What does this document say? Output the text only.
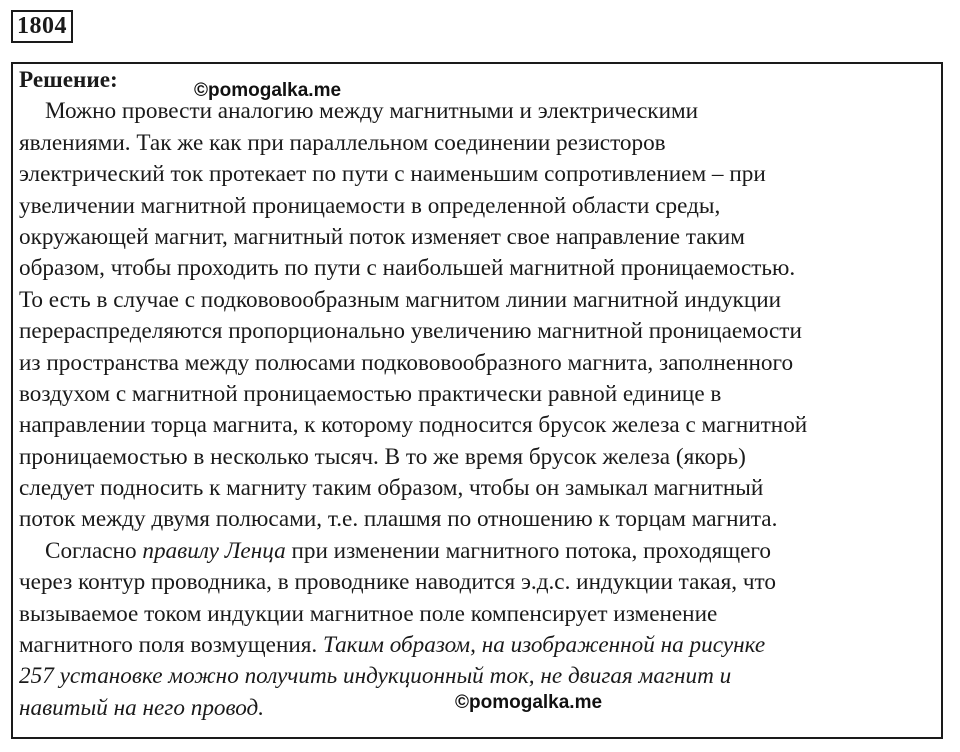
1804
Решение:
Можно провести аналогию между магнитными и электрическими
явлениями. Так же как при параллельном соединении резисторов
электрический ток протекает по пути с наименьшим сопротивлением – при
увеличении магнитной проницаемости в определенной области среды,
окружающей магнит, магнитный поток изменяет свое направление таким
образом, чтобы проходить по пути с наибольшей магнитной проницаемостью.
То есть в случае с подкововообразным магнитом линии магнитной индукции
перераспределяются пропорционально увеличению магнитной проницаемости
из пространства между полюсами подкововообразного магнита, заполненного
воздухом с магнитной проницаемостью практически равной единице в
направлении торца магнита, к которому подносится брусок железа с магнитной
проницаемостью в несколько тысяч. В то же время брусок железа (якорь)
следует подносить к магниту таким образом, чтобы он замыкал магнитный
поток между двумя полюсами, т.е. плашмя по отношению к торцам магнита.
Согласно правилу Ленца при изменении магнитного потока, проходящего
через контур проводника, в проводнике наводится э.д.с. индукции такая, что
вызываемое током индукции магнитное поле компенсирует изменение
магнитного поля возмущения. Таким образом, на изображенной на рисунке
257 установке можно получить индукционный ток, не двигая магнит и
навитый на него провод.
©pomogalka.me
©pomogalka.me
